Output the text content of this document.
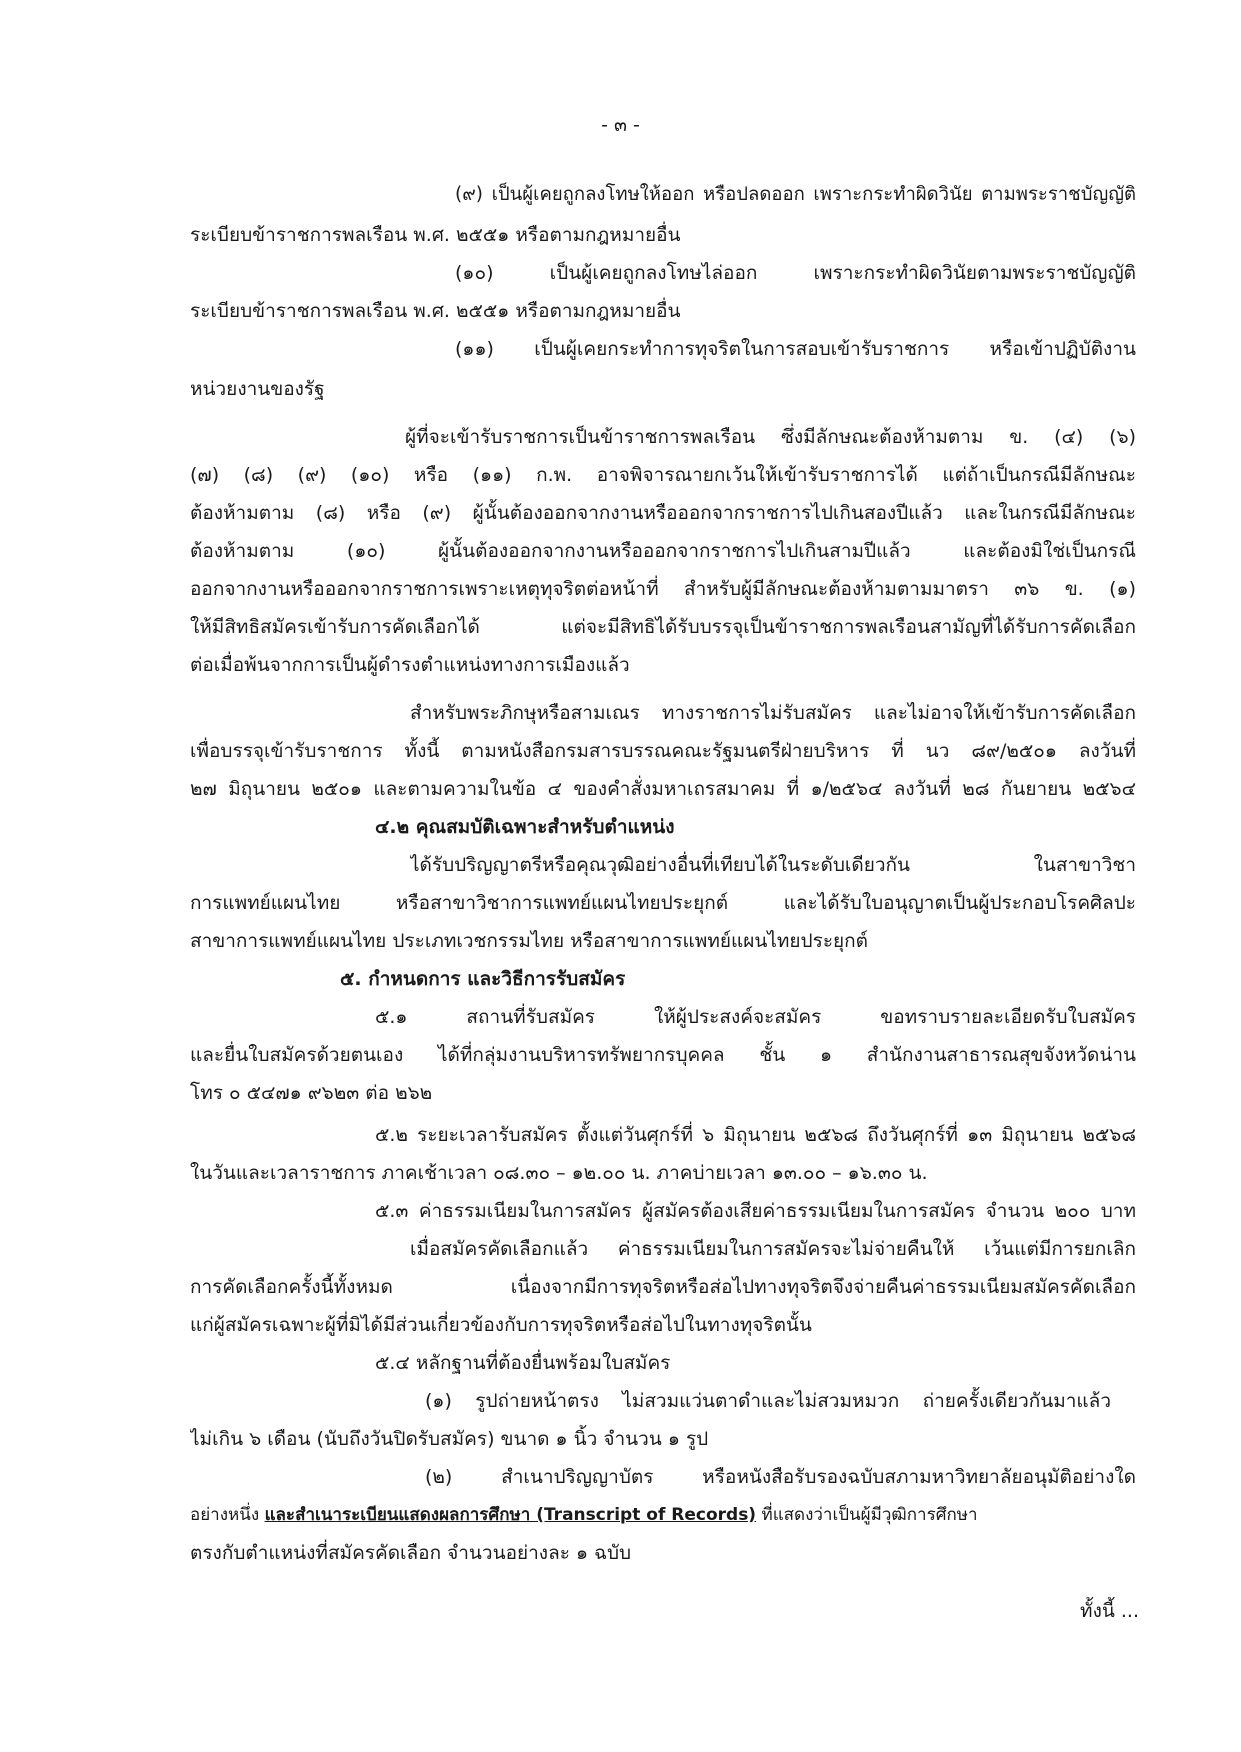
- ๓ -
(๙) เป็นผู้เคยถูกลงโทษให้ออก หรือปลดออก เพราะกระทำผิดวินัย ตามพระราชบัญญัติ
ระเบียบข้าราชการพลเรือน พ.ศ. ๒๕๕๑ หรือตามกฎหมายอื่น
(๑๐) เป็นผู้เคยถูกลงโทษไล่ออก เพราะกระทำผิดวินัยตามพระราชบัญญัติ
ระเบียบข้าราชการพลเรือน พ.ศ. ๒๕๕๑ หรือตามกฎหมายอื่น
(๑๑) เป็นผู้เคยกระทำการทุจริตในการสอบเข้ารับราชการ หรือเข้าปฏิบัติงาน
หน่วยงานของรัฐ
ผู้ที่จะเข้ารับราชการเป็นข้าราชการพลเรือน ซึ่งมีลักษณะต้องห้ามตาม ข. (๔) (๖)
(๗) (๘) (๙) (๑๐) หรือ (๑๑) ก.พ. อาจพิจารณายกเว้นให้เข้ารับราชการได้ แต่ถ้าเป็นกรณีมีลักษณะ
ต้องห้ามตาม (๘) หรือ (๙) ผู้นั้นต้องออกจากงานหรือออกจากราชการไปเกินสองปีแล้ว และในกรณีมีลักษณะ
ต้องห้ามตาม (๑๐) ผู้นั้นต้องออกจากงานหรือออกจากราชการไปเกินสามปีแล้ว และต้องมิใช่เป็นกรณี
ออกจากงานหรือออกจากราชการเพราะเหตุทุจริตต่อหน้าที่ สำหรับผู้มีลักษณะต้องห้ามตามมาตรา ๓๖ ข. (๑)
ให้มีสิทธิสมัครเข้ารับการคัดเลือกได้ แต่จะมีสิทธิได้รับบรรจุเป็นข้าราชการพลเรือนสามัญที่ได้รับการคัดเลือก
ต่อเมื่อพ้นจากการเป็นผู้ดำรงตำแหน่งทางการเมืองแล้ว
สำหรับพระภิกษุหรือสามเณร ทางราชการไม่รับสมัคร และไม่อาจให้เข้ารับการคัดเลือก
เพื่อบรรจุเข้ารับราชการ ทั้งนี้ ตามหนังสือกรมสารบรรณคณะรัฐมนตรีฝ่ายบริหาร ที่ นว ๘๙/๒๕๐๑ ลงวันที่
๒๗ มิถุนายน ๒๕๐๑ และตามความในข้อ ๔ ของคำสั่งมหาเถรสมาคม ที่ ๑/๒๕๖๔ ลงวันที่ ๒๘ กันยายน ๒๕๖๔
๔.๒ คุณสมบัติเฉพาะสำหรับตำแหน่ง
ได้รับปริญญาตรีหรือคุณวุฒิอย่างอื่นที่เทียบได้ในระดับเดียวกัน ในสาขาวิชา
การแพทย์แผนไทย หรือสาขาวิชาการแพทย์แผนไทยประยุกต์ และได้รับใบอนุญาตเป็นผู้ประกอบโรคศิลปะ
สาขาการแพทย์แผนไทย ประเภทเวชกรรมไทย หรือสาขาการแพทย์แผนไทยประยุกต์
๕. กำหนดการ และวิธีการรับสมัคร
๕.๑ สถานที่รับสมัคร ให้ผู้ประสงค์จะสมัคร ขอทราบรายละเอียดรับใบสมัคร
และยื่นใบสมัครด้วยตนเอง ได้ที่กลุ่มงานบริหารทรัพยากรบุคคล ชั้น ๑ สำนักงานสาธารณสุขจังหวัดน่าน
โทร ๐ ๕๔๗๑ ๙๖๒๓ ต่อ ๒๖๒
๕.๒ ระยะเวลารับสมัคร ตั้งแต่วันศุกร์ที่ ๖ มิถุนายน ๒๕๖๘ ถึงวันศุกร์ที่ ๑๓ มิถุนายน ๒๕๖๘
ในวันและเวลาราชการ ภาคเช้าเวลา ๐๘.๓๐ – ๑๒.๐๐ น. ภาคบ่ายเวลา ๑๓.๐๐ – ๑๖.๓๐ น.
๕.๓ ค่าธรรมเนียมในการสมัคร ผู้สมัครต้องเสียค่าธรรมเนียมในการสมัคร จำนวน ๒๐๐ บาท
เมื่อสมัครคัดเลือกแล้ว ค่าธรรมเนียมในการสมัครจะไม่จ่ายคืนให้ เว้นแต่มีการยกเลิก
การคัดเลือกครั้งนี้ทั้งหมด เนื่องจากมีการทุจริตหรือส่อไปทางทุจริตจึงจ่ายคืนค่าธรรมเนียมสมัครคัดเลือก
แก่ผู้สมัครเฉพาะผู้ที่มิได้มีส่วนเกี่ยวข้องกับการทุจริตหรือส่อไปในทางทุจริตนั้น
๕.๔ หลักฐานที่ต้องยื่นพร้อมใบสมัคร
(๑) รูปถ่ายหน้าตรง ไม่สวมแว่นตาดำและไม่สวมหมวก ถ่ายครั้งเดียวกันมาแล้ว
ไม่เกิน ๖ เดือน (นับถึงวันปิดรับสมัคร) ขนาด ๑ นิ้ว จำนวน ๑ รูป
(๒) สำเนาปริญญาบัตร หรือหนังสือรับรองฉบับสภามหาวิทยาลัยอนุมัติอย่างใด
อย่างหนึ่ง และสำเนาระเบียนแสดงผลการศึกษา (Transcript of Records) ที่แสดงว่าเป็นผู้มีวุฒิการศึกษา
ตรงกับตำแหน่งที่สมัครคัดเลือก จำนวนอย่างละ ๑ ฉบับ
ทั้งนี้ ...
